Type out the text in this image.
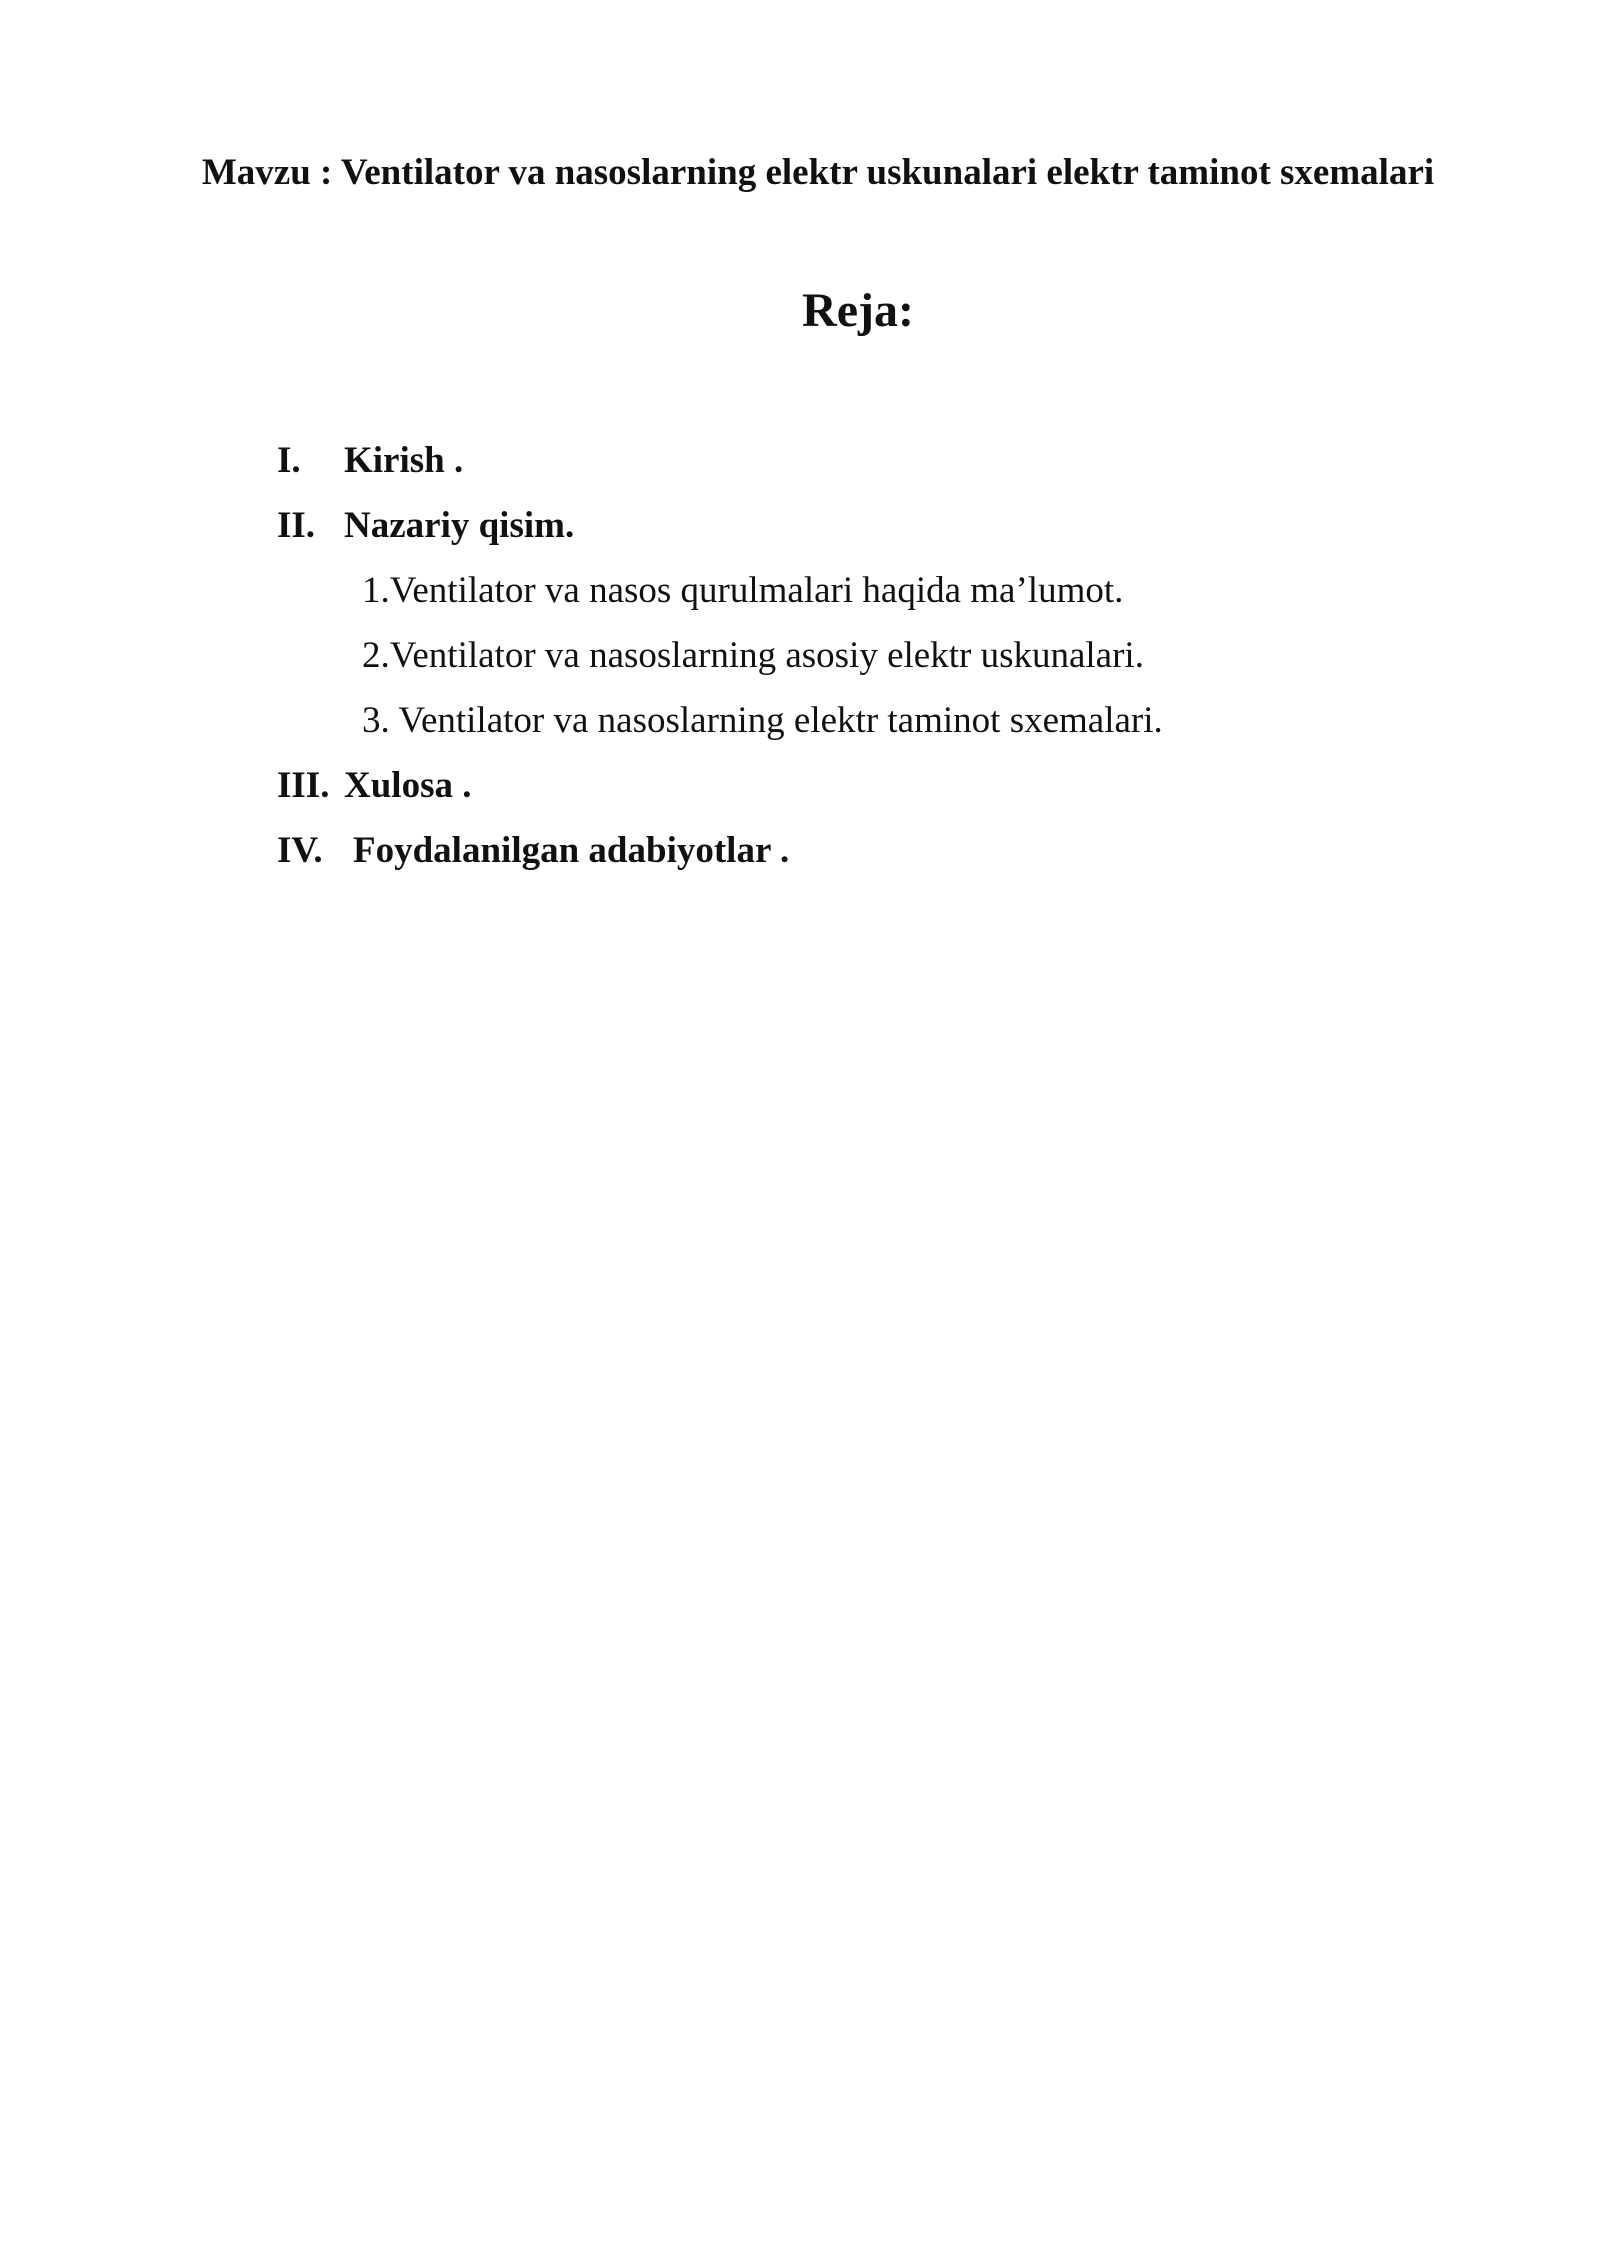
Mavzu : Ventilator va nasoslarning elektr uskunalari elektr taminot sxemalari
Reja:
I. Kirish .
II. Nazariy qisim.
1.Ventilator va nasos qurulmalari haqida ma’lumot.
2.Ventilator va nasoslarning asosiy elektr uskunalari.
3. Ventilator va nasoslarning elektr taminot sxemalari.
III. Xulosa .
IV. Foydalanilgan adabiyotlar .
